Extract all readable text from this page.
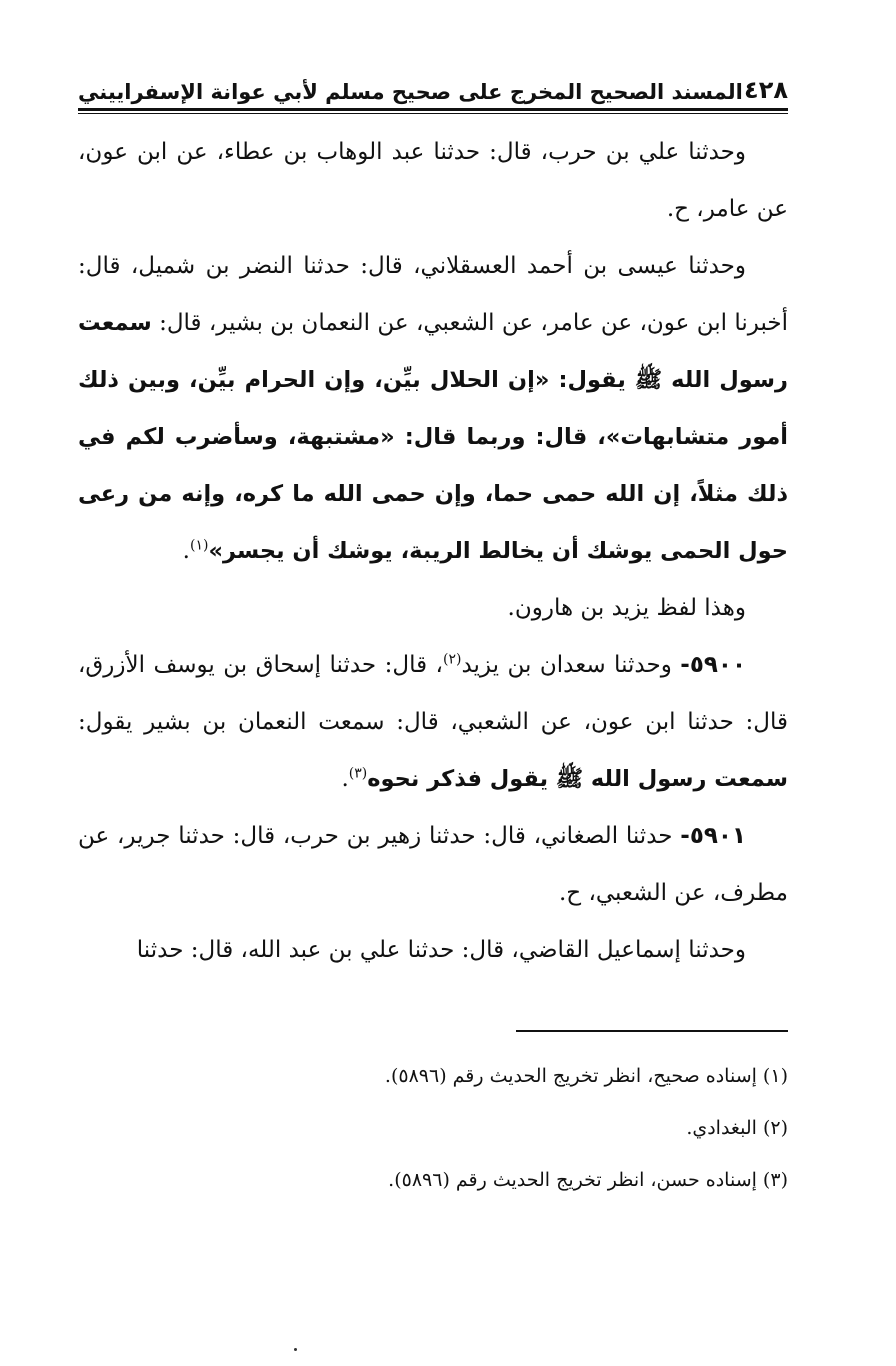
٤٢٨
المسند الصحيح المخرج على صحيح مسلم لأبي عوانة الإسفراييني

وحدثنا علي بن حرب، قال: حدثنا عبد الوهاب بن عطاء، عن ابن عون، عن عامر، ح.

وحدثنا عيسى بن أحمد العسقلاني، قال: حدثنا النضر بن شميل، قال: أخبرنا ابن عون، عن عامر، عن الشعبي، عن النعمان بن بشير، قال: سمعت رسول الله ﷺ يقول: «إن الحلال بيِّن، وإن الحرام بيِّن، وبين ذلك أمور متشابهات»، قال: وربما قال: «مشتبهة، وسأضرب لكم في ذلك مثلاً، إن الله حمى حما، وإن حمى الله ما كره، وإنه من رعى حول الحمى يوشك أن يخالط الريبة، يوشك أن يجسر»$^{(١)}$.

وهذا لفظ يزيد بن هارون.

٥٩٠٠- وحدثنا سعدان بن يزيد$^{(٢)}$، قال: حدثنا إسحاق بن يوسف الأزرق، قال: حدثنا ابن عون، عن الشعبي، قال: سمعت النعمان بن بشير يقول: سمعت رسول الله ﷺ يقول فذكر نحوه$^{(٣)}$.

٥٩٠١- حدثنا الصغاني، قال: حدثنا زهير بن حرب، قال: حدثنا جرير، عن مطرف، عن الشعبي، ح.

وحدثنا إسماعيل القاضي، قال: حدثنا علي بن عبد الله، قال: حدثنا

(١) إسناده صحيح، انظر تخريج الحديث رقم (٥٨٩٦).

(٢) البغدادي.

(٣) إسناده حسن، انظر تخريج الحديث رقم (٥٨٩٦).
